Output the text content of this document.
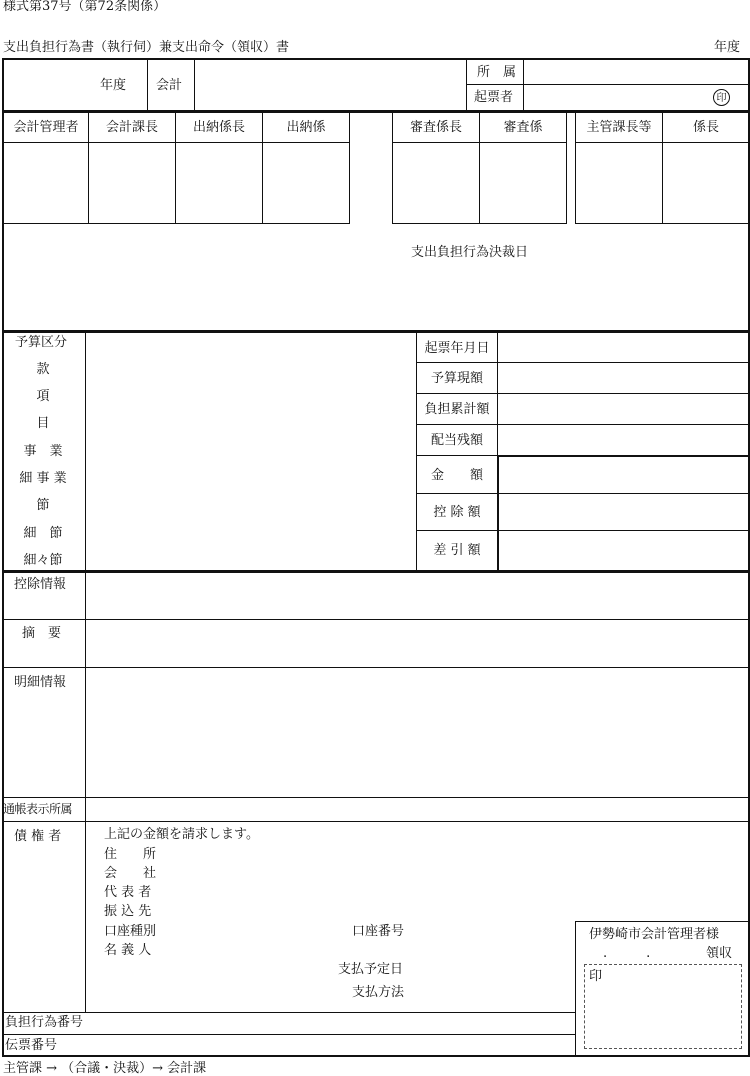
様式第37号（第72条関係）
支出負担行為書（執行伺）兼支出命令（領収）書	年度
年度 会計
所　属
起票者	印
会計管理者	会計課長	出納係長	出納係	審査係長	審査係	主管課長等	係長
支出負担行為決裁日
予算区分
款
項
目
事　業
細 事 業
節
細　節
細々節
起票年月日
予算現額
負担累計額
配当残額
金　　額
控 除 額
差 引 額
控除情報
摘　要
明細情報
通帳表示所属
債 権 者	上記の金額を請求します。
住　　所
会　　社
代 表 者
振 込 先
口座種別	口座番号
名 義 人
支払予定日
支払方法
伊勢崎市会計管理者様
.　　　.	領収
印
負担行為番号
伝票番号
主管課 → （合議・決裁）→ 会計課
